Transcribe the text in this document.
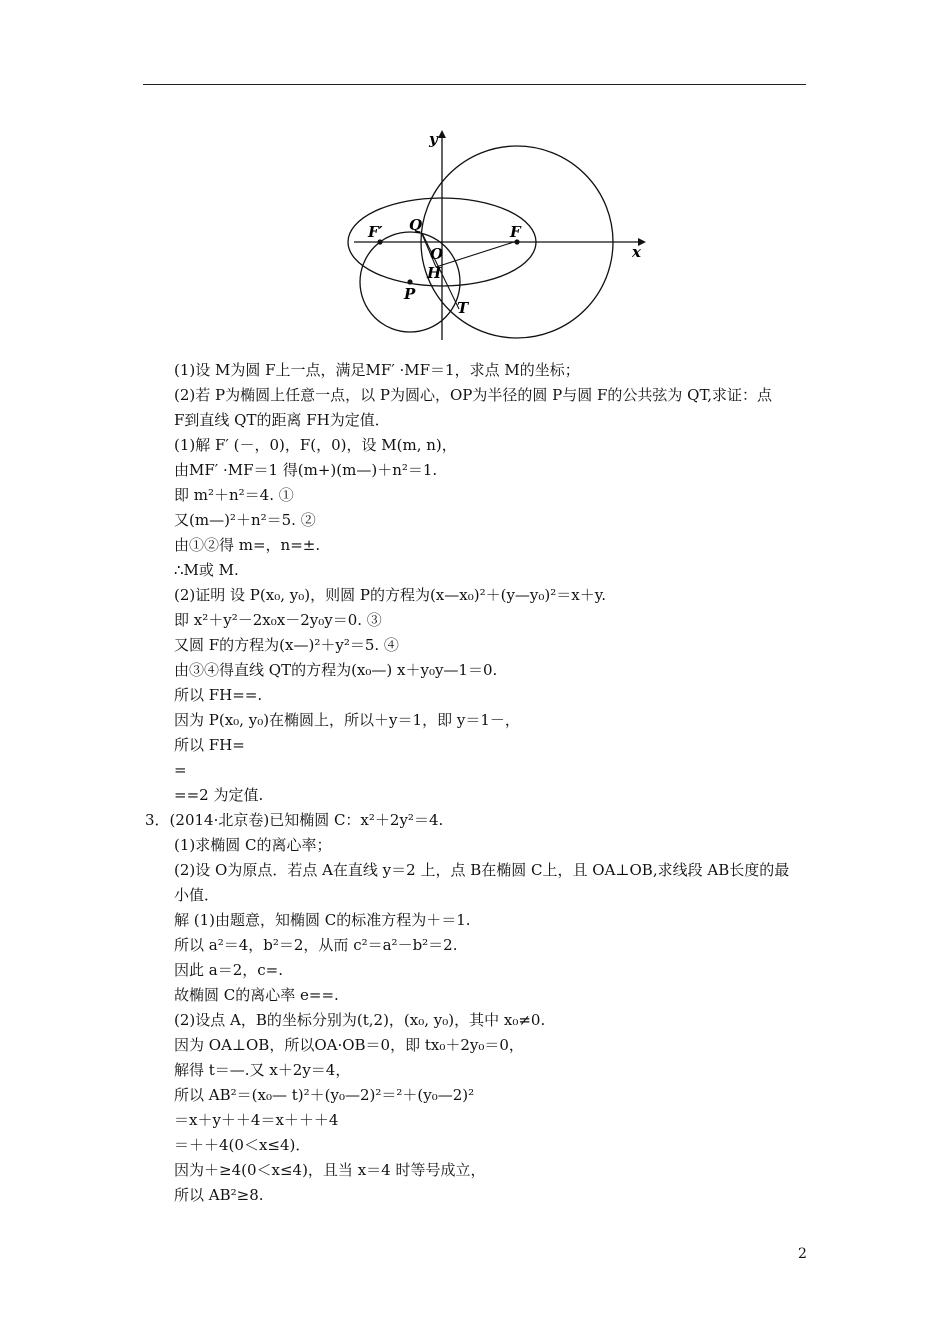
y
x
F′	F
Q
O
H
P
T
(1)设 M为圆 F上一点，满足MF′ ·MF＝1，求点 M的坐标；
(2)若 P为椭圆上任意一点，以 P为圆心，OP为半径的圆 P与圆 F的公共弦为 QT,求证：点
F到直线 QT的距离 FH为定值．
(1)解 F′ (－，0)，F(，0)，设 M(m, n)，
由MF′ ·MF＝1 得(m+)(m—)＋n²＝1.
即 m²＋n²＝4. ①
又(m—)²＋n²＝5. ②
由①②得 m=，n=±.
∴M或 M.
(2)证明 设 P(x₀, y₀)，则圆 P的方程为(x—x₀)²＋(y—y₀)²＝x＋y.
即 x²＋y²－2x₀x－2y₀y＝0. ③
又圆 F的方程为(x—)²＋y²＝5. ④
由③④得直线 QT的方程为(x₀—) x＋y₀y—1＝0.
所以 FH==.
因为 P(x₀, y₀)在椭圆上，所以＋y＝1，即 y＝1－，
所以 FH=
=
==2 为定值.
3．(2014·北京卷)已知椭圆 C：x²＋2y²＝4.
(1)求椭圆 C的离心率；
(2)设 O为原点．若点 A在直线 y＝2 上，点 B在椭圆 C上，且 OA⊥OB,求线段 AB长度的最
小值．
解 (1)由题意，知椭圆 C的标准方程为＋＝1.
所以 a²＝4，b²＝2，从而 c²＝a²－b²＝2.
因此 a＝2，c=.
故椭圆 C的离心率 e==.
(2)设点 A，B的坐标分别为(t,2)，(x₀, y₀)，其中 x₀≠0.
因为 OA⊥OB，所以OA·OB＝0，即 tx₀＋2y₀＝0，
解得 t＝—.又 x＋2y＝4，
所以 AB²＝(x₀— t)²＋(y₀—2)²＝²＋(y₀—2)²
＝x＋y＋＋4＝x＋＋＋4
＝＋＋4(0＜x≤4)．
因为＋≥4(0＜x≤4)，且当 x＝4 时等号成立，
所以 AB²≥8.
2
